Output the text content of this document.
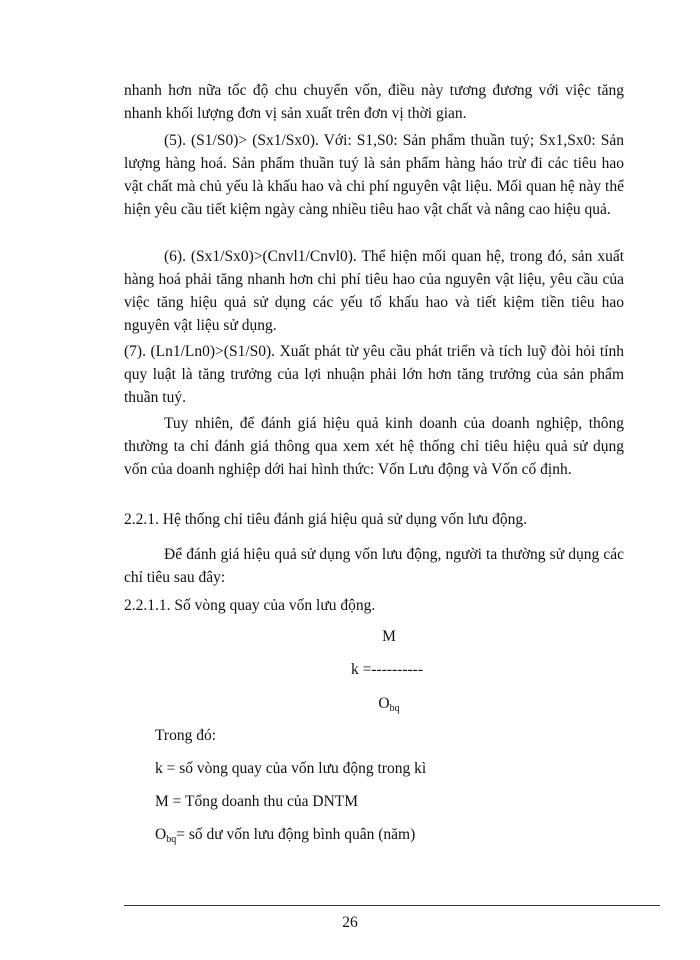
nhanh hơn nữa tốc độ chu chuyển vốn, điều này tương đương với việc tăng nhanh khối lượng đơn vị sản xuất trên đơn vị thời gian.

(5). (S1/S0)> (Sx1/Sx0). Với: S1,S0: Sản phẩm thuần tuý; Sx1,Sx0: Sản lượng hàng hoá. Sản phẩm thuần tuý là sản phẩm hàng háo trừ đi các tiêu hao vật chất mà chủ yếu là khấu hao và chi phí nguyên vật liệu. Mối quan hệ này thể hiện yêu cầu tiết kiệm ngày càng nhiều tiêu hao vật chất và nâng cao hiệu quả.

(6). (Sx1/Sx0)>(Cnvl1/Cnvl0). Thể hiện mối quan hệ, trong đó, sản xuất hàng hoá phải tăng nhanh hơn chi phí tiêu hao của nguyên vật liệu, yêu cầu của việc tăng hiệu quả sử dụng các yếu tố khấu hao và tiết kiệm tiền tiêu hao nguyên vật liệu sử dụng.

(7). (Ln1/Ln0)>(S1/S0). Xuất phát từ yêu cầu phát triển và tích luỹ đòi hỏi tính quy luật là tăng trưởng của lợi nhuận phải lớn hơn tăng trưởng của sản phẩm thuần tuý.

Tuy nhiên, để đánh giá hiệu quả kinh doanh của doanh nghiệp, thông thường ta chỉ đánh giá thông qua xem xét hệ thống chỉ tiêu hiệu quả sử dụng vốn của doanh nghiệp dới hai hình thức: Vốn Lưu động và Vốn cố định.

2.2.1. Hệ thống chỉ tiêu đánh giá hiệu quả sử dụng vốn lưu động.

Để đánh giá hiệu quả sử dụng vốn lưu động, người ta thường sử dụng các chỉ tiêu sau đây:

2.2.1.1. Số vòng quay của vốn lưu động.

M

k =----------

$O_{bq}$

Trong đó:

k = số vòng quay của vốn lưu động trong kì

M = Tổng doanh thu của DNTM

$O_{bq}=$ số dư vốn lưu động bình quân (năm)

26
